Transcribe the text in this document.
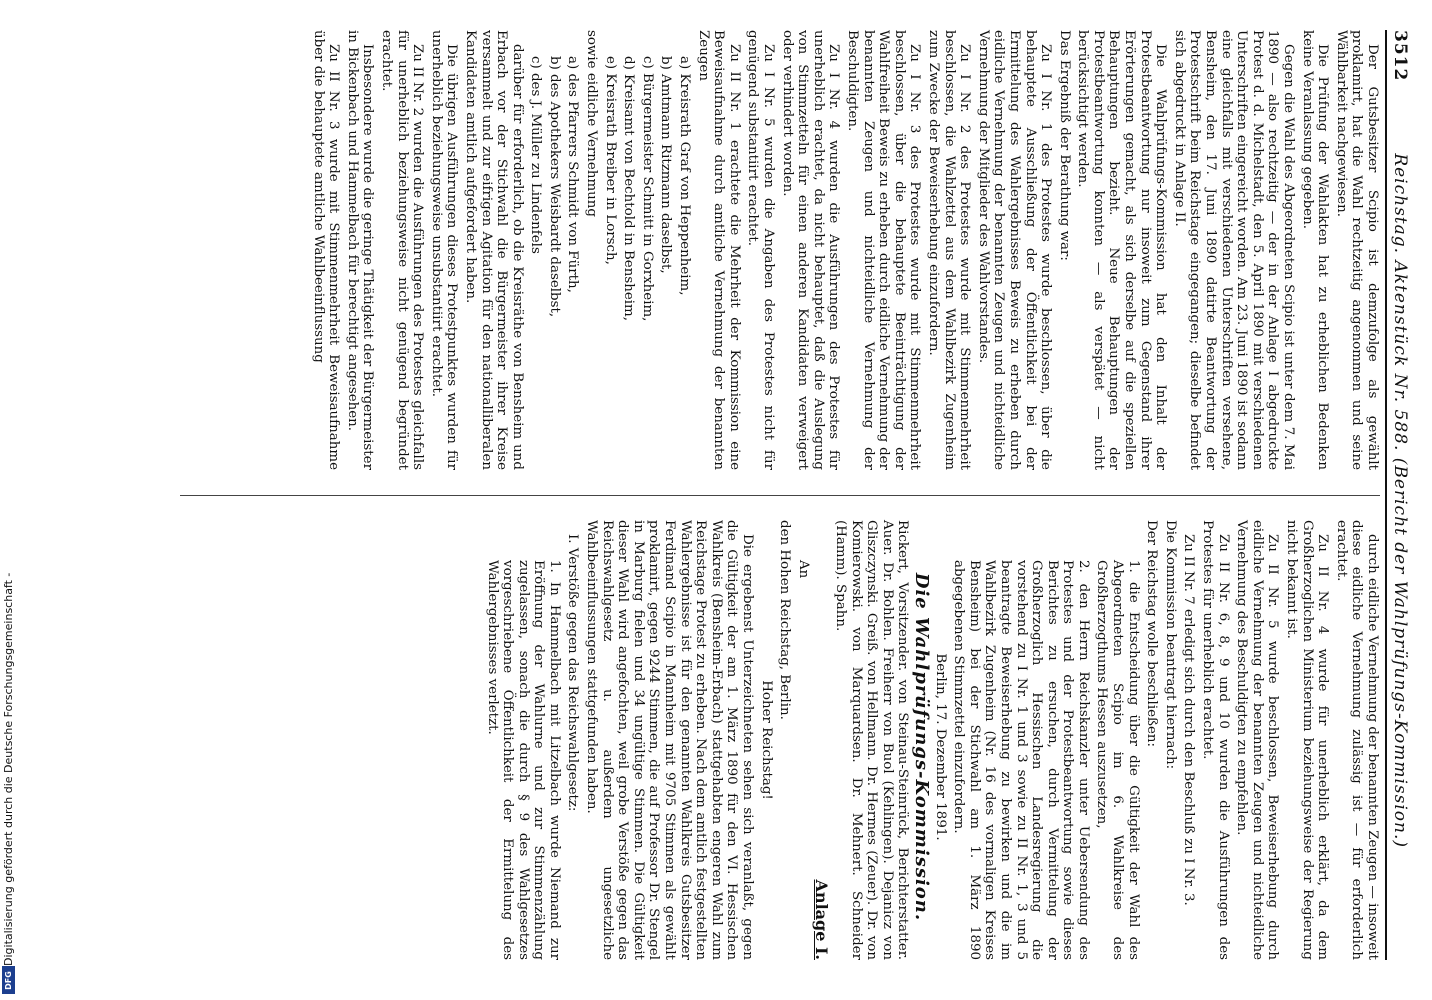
Digitalisierung gefördert durch die Deutsche Forschungsgemeinschaft -
DFG
3512
Reichstag. Aktenstück Nr. 588. (Bericht der Wahlprüfungs-Kommission.)

Der Gutsbesitzer Scipio ist demzufolge als gewählt proklamirt, hat die Wahl rechtzeitig angenommen und seine Wählbarkeit nachgewiesen.

Die Prüfung der Wahlakten hat zu erheblichen Bedenken keine Veranlassung gegeben.

Gegen die Wahl des Abgeordneten Scipio ist unter dem 7. Mai 1890 — also rechtzeitig — der in der Anlage I abgedruckte Protest d. d. Michelstadt, den 5. April 1890 mit verschiedenen Unterschriften eingereicht worden. Am 23. Juni 1890 ist sodann eine gleichfalls mit verschiedenen Unterschriften versehene, Bensheim, den 17. Juni 1890 datirte Beantwortung der Protestschrift beim Reichstage eingegangen; dieselbe befindet sich abgedruckt in Anlage II.

Die Wahlprüfungs-Kommission hat den Inhalt der Protestbeantwortung nur insoweit zum Gegenstand ihrer Erörterungen gemacht, als sich derselbe auf die speziellen Behauptungen bezieht. Neue Behauptungen der Protestbeantwortung konnten — als verspätet — nicht berücksichtigt werden.

Das Ergebniß der Berathung war:

Zu I Nr. 1 des Protestes wurde beschlossen, über die behauptete Ausschließung der Öffentlichkeit bei der Ermittelung des Wahlergebnisses Beweis zu erheben durch eidliche Vernehmung der benannten Zeugen und nichteidliche Vernehmung der Mitglieder des Wahlvorstandes.

Zu I Nr. 2 des Protestes wurde mit Stimmenmehrheit beschlossen, die Wahlzettel aus dem Wahlbezirk Zugenheim zum Zwecke der Beweiserhebung einzufordern.

Zu I Nr. 3 des Protestes wurde mit Stimmenmehrheit beschlossen, über die behauptete Beeinträchtigung der Wahlfreiheit Beweis zu erheben durch eidliche Vernehmung der benannten Zeugen und nichteidliche Vernehmung der Beschuldigten.

Zu I Nr. 4 wurden die Ausführungen des Protestes für unerheblich erachtet, da nicht behauptet, daß die Auslegung von Stimmzetteln für einen anderen Kandidaten verweigert oder verhindert worden.

Zu I Nr. 5 wurden die Angaben des Protestes nicht für genügend substantiirt erachtet.

Zu II Nr. 1 erachtete die Mehrheit der Kommission eine Beweisaufnahme durch amtliche Vernehmung der benannten Zeugen

a) Kreisrath Graf von Heppenheim,

b) Amtmann Ritzmann daselbst,

c) Bürgermeister Schmitt in Gorxheim,

d) Kreisamt von Bechtold in Bensheim,

e) Kreisrath Breiber in Lorsch,

sowie eidliche Vernehmung

a) des Pfarrers Schmidt von Fürth,

b) des Apothekers Weisbardt daselbst,

c) des J. Müller zu Lindenfels

darüber für erforderlich, ob die Kreisräthe von Bensheim und Erbach vor der Stichwahl die Bürgermeister ihrer Kreise versammelt und zur eifrigen Agitation für den nationalliberalen Kandidaten amtlich aufgefordert haben.

Die übrigen Ausführungen dieses Protestpunktes wurden für unerheblich beziehungsweise unsubstantiirt erachtet.

Zu II Nr. 2 wurden die Ausführungen des Protestes gleichfalls für unerheblich beziehungsweise nicht genügend begründet erachtet.

Insbesondere wurde die geringe Thätigkeit der Bürgermeister in Bickenbach und Hammelbach für berechtigt angesehen.

Zu II Nr. 3 wurde mit Stimmenmehrheit Beweisaufnahme über die behauptete amtliche Wahlbeeinflussung

durch eidliche Vernehmung der benannten Zeugen — insoweit diese eidliche Vernehmung zulässig ist — für erforderlich erachtet.

Zu II Nr. 4 wurde für unerheblich erklärt, da dem Großherzoglichen Ministerium beziehungsweise der Regierung nicht bekannt ist.

Zu II Nr. 5 wurde beschlossen, Beweiserhebung durch eidliche Vernehmung der benannten Zeugen und nichteidliche Vernehmung des Beschuldigten zu empfehlen.

Zu II Nr. 6, 8, 9 und 10 wurden die Ausführungen des Protestes für unerheblich erachtet.

Zu II Nr. 7 erledigt sich durch den Beschluß zu I Nr. 3.

Die Kommission beantragt hiernach:

Der Reichstag wolle beschließen:

1. die Entscheidung über die Gültigkeit der Wahl des Abgeordneten Scipio im 6. Wahlkreise des Großherzogthums Hessen auszusetzen,

2. den Herrn Reichskanzler unter Uebersendung des Protestes und der Protestbeantwortung sowie dieses Berichtes zu ersuchen, durch Vermittelung der Großherzoglich Hessischen Landesregierung die vorstehend zu I Nr. 1 und 3 sowie zu II Nr. 1, 3 und 5 beantragte Beweiserhebung zu bewirken und die im Wahlbezirk Zugenheim (Nr. 16 des vormaligen Kreises Bensheim) bei der Stichwahl am 1. März 1890 abgegebenen Stimmzettel einzufordern.

Berlin, 17. Dezember 1891.

Die Wahlprüfungs-Kommission.

Rickert, Vorsitzender. von Steinau-Steinrück, Berichterstatter. Auer. Dr. Bohlen. Freiherr von Buol (Kehlingen). Dejanicz von Gliszczynski. Greiß. von Hellmann. Dr. Hermes (Zeuer). Dr. von Komierowski. von Marquardsen. Dr. Mehnert. Schneider (Hamm). Spahn.

Anlage I.

An

den Hohen Reichstag, Berlin.

Hoher Reichstag!

Die ergebenst Unterzeichneten sehen sich veranlaßt, gegen die Gültigkeit der am 1. März 1890 für den VI. Hessischen Wahlkreis (Bensheim-Erbach) stattgehabten engeren Wahl zum Reichstage Protest zu erheben. Nach dem amtlich festgestellten Wahlergebnisse ist für den genannten Wahlkreis Gutsbesitzer Ferdinand Scipio in Mannheim mit 9705 Stimmen als gewählt proklamirt, gegen 9244 Stimmen, die auf Professor Dr. Stengel in Marburg fielen und 34 ungültige Stimmen. Die Gültigkeit dieser Wahl wird angefochten, weil grobe Verstöße gegen das Reichswahlgesetz u. außerdem ungesetzliche Wahlbeeinflussungen stattgefunden haben.

I. Verstöße gegen das Reichswahlgesetz:

1. In Hammelbach mit Litzelbach wurde Niemand zur Eröffnung der Wahlurne und zur Stimmenzählung zugelassen, sonach die durch § 9 des Wahlgesetzes vorgeschriebene Öffentlichkeit der Ermittelung des Wahlergebnisses verletzt.
